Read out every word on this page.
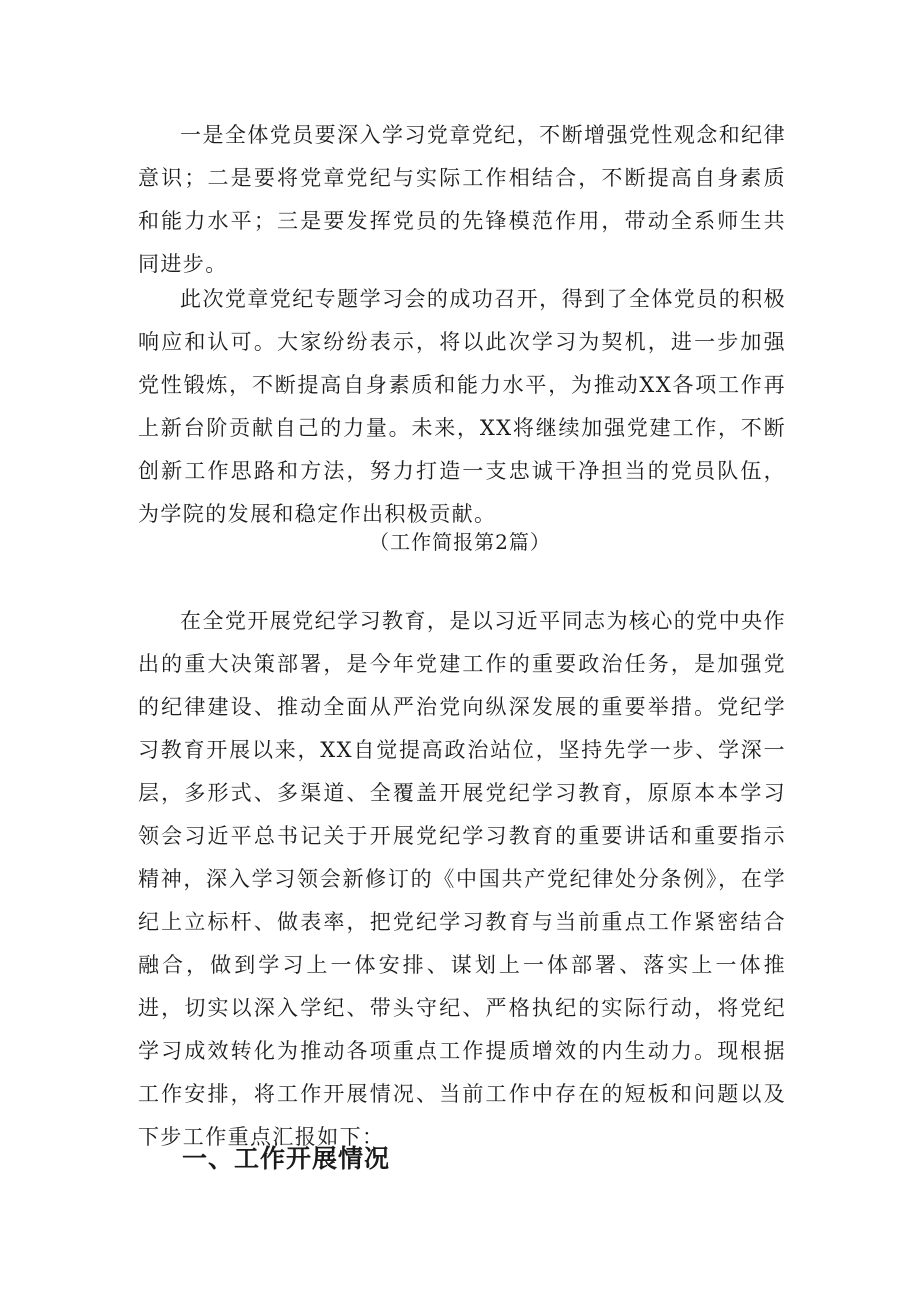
一是全体党员要深入学习党章党纪，不断增强党性观念和纪律意识；二是要将党章党纪与实际工作相结合，不断提高自身素质和能力水平；三是要发挥党员的先锋模范作用，带动全系师生共同进步。

此次党章党纪专题学习会的成功召开，得到了全体党员的积极响应和认可。大家纷纷表示，将以此次学习为契机，进一步加强党性锻炼，不断提高自身素质和能力水平，为推动XX各项工作再上新台阶贡献自己的力量。未来，XX将继续加强党建工作，不断创新工作思路和方法，努力打造一支忠诚干净担当的党员队伍，为学院的发展和稳定作出积极贡献。

（工作简报第2篇）

在全党开展党纪学习教育，是以习近平同志为核心的党中央作出的重大决策部署，是今年党建工作的重要政治任务，是加强党的纪律建设、推动全面从严治党向纵深发展的重要举措。党纪学习教育开展以来，XX自觉提高政治站位，坚持先学一步、学深一层，多形式、多渠道、全覆盖开展党纪学习教育，原原本本学习领会习近平总书记关于开展党纪学习教育的重要讲话和重要指示精神，深入学习领会新修订的《中国共产党纪律处分条例》，在学纪上立标杆、做表率，把党纪学习教育与当前重点工作紧密结合融合，做到学习上一体安排、谋划上一体部署、落实上一体推进，切实以深入学纪、带头守纪、严格执纪的实际行动，将党纪学习成效转化为推动各项重点工作提质增效的内生动力。现根据工作安排，将工作开展情况、当前工作中存在的短板和问题以及下步工作重点汇报如下：

一、工作开展情况
